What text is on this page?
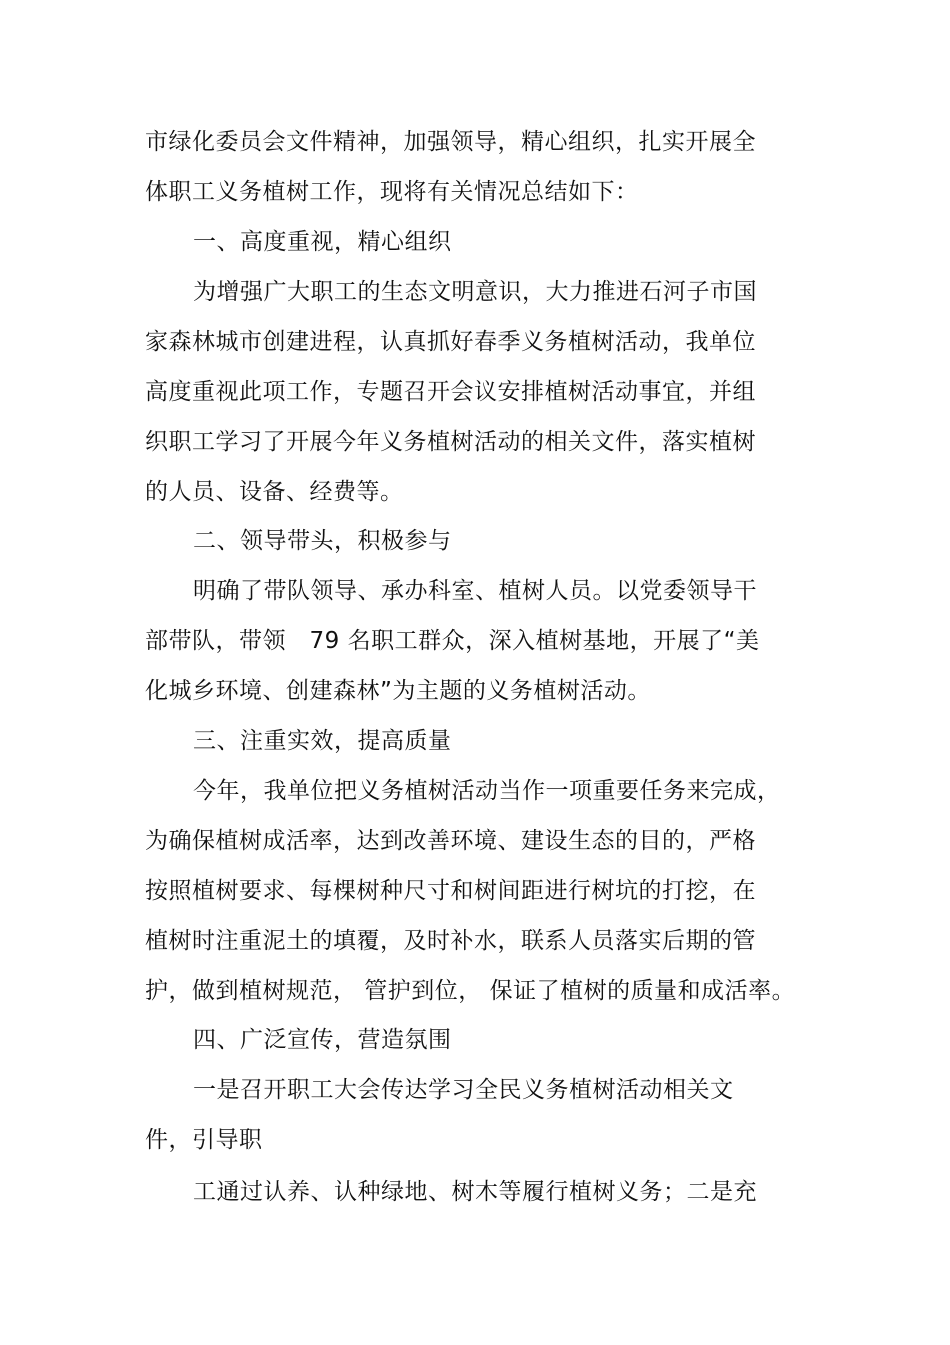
市绿化委员会文件精神，加强领导，精心组织，扎实开展全
体职工义务植树工作，现将有关情况总结如下：
一、高度重视，精心组织
为增强广大职工的生态文明意识，大力推进石河子市国
家森林城市创建进程，认真抓好春季义务植树活动，我单位
高度重视此项工作，专题召开会议安排植树活动事宜，并组
织职工学习了开展今年义务植树活动的相关文件，落实植树
的人员、设备、经费等。
二、领导带头，积极参与
明确了带队领导、承办科室、植树人员。以党委领导干
部带队，带领　79 名职工群众，深入植树基地，开展了“美
化城乡环境、创建森林”为主题的义务植树活动。
三、注重实效，提高质量
今年，我单位把义务植树活动当作一项重要任务来完成，
为确保植树成活率，达到改善环境、建设生态的目的，严格
按照植树要求、每棵树种尺寸和树间距进行树坑的打挖，在
植树时注重泥土的填覆，及时补水，联系人员落实后期的管
护，做到植树规范， 管护到位， 保证了植树的质量和成活率。
四、广泛宣传，营造氛围
一是召开职工大会传达学习全民义务植树活动相关文
件，引导职
工通过认养、认种绿地、树木等履行植树义务；二是充
